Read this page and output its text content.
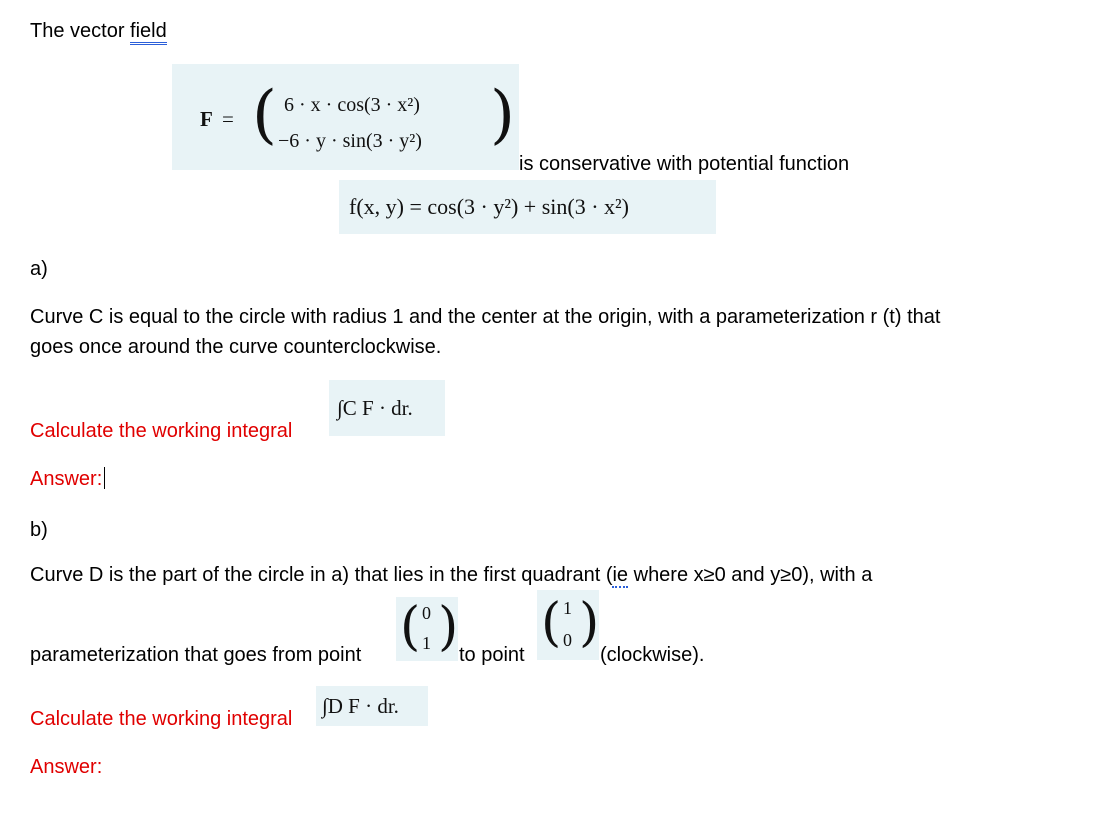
The vector field
F = ( 6 · x · cos(3 · x²)
−6 · y · sin(3 · y²) )
is conservative with potential function
f(x, y) = cos(3 · y²) + sin(3 · x²)
a)
Curve C is equal to the circle with radius 1 and the center at the origin, with a parameterization r (t) that
goes once around the curve counterclockwise.
∫C F · dr.
Calculate the working integral
Answer:
b)
Curve D is the part of the circle in a) that lies in the first quadrant (ie where x≥0 and y≥0), with a
parameterization that goes from point ( 0
1 ) to point
( 1
0 )
(clockwise).
Calculate the working integral
∫D F · dr.
Answer:
